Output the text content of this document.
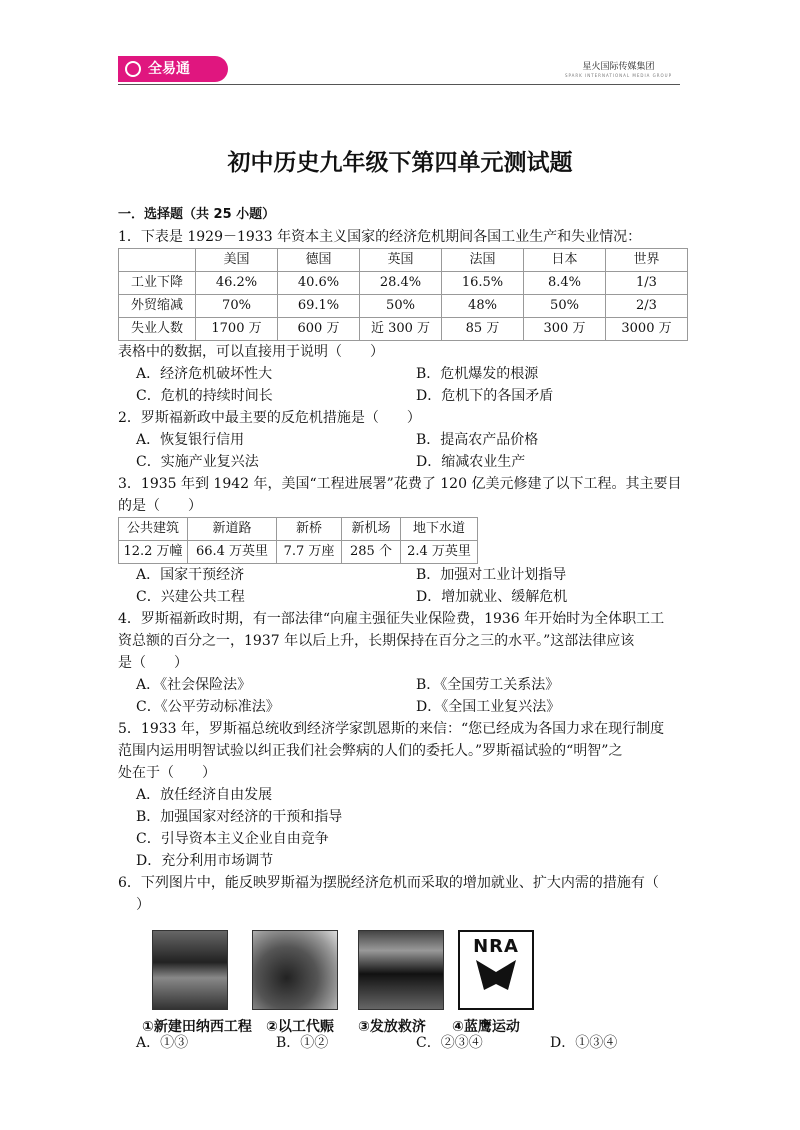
全易通	星火国际传媒集团
SPARK INTERNATIONAL MEDIA GROUP
初中历史九年级下第四单元测试题
一．选择题（共 25 小题）
1．下表是 1929－1933 年资本主义国家的经济危机期间各国工业生产和失业情况：
	美国	德国	英国	法国	日本	世界
工业下降	46.2%	40.6%	28.4%	16.5%	8.4%	1/3
外贸缩减	70%	69.1%	50%	48%	50%	2/3
失业人数	1700 万	600 万	近 300 万	85 万	300 万	3000 万
表格中的数据，可以直接用于说明（　　）
A．经济危机破坏性大	B．危机爆发的根源
C．危机的持续时间长	D．危机下的各国矛盾
2．罗斯福新政中最主要的反危机措施是（　　）
A．恢复银行信用	B．提高农产品价格
C．实施产业复兴法	D．缩减农业生产
3．1935 年到 1942 年，美国“工程进展署”花费了 120 亿美元修建了以下工程。其主要目
的是（　　）
公共建筑	新道路	新桥	新机场	地下水道
12.2 万幢	66.4 万英里	7.7 万座	285 个	2.4 万英里
A．国家干预经济	B．加强对工业计划指导
C．兴建公共工程	D．增加就业、缓解危机
4．罗斯福新政时期，有一部法律“向雇主强征失业保险费，1936 年开始时为全体职工工
资总额的百分之一，1937 年以后上升，长期保持在百分之三的水平。”这部法律应该
是（　　）
A．《社会保险法》	B．《全国劳工关系法》
C．《公平劳动标准法》	D．《全国工业复兴法》
5．1933 年，罗斯福总统收到经济学家凯恩斯的来信：“您已经成为各国力求在现行制度
范围内运用明智试验以纠正我们社会弊病的人们的委托人。”罗斯福试验的“明智”之
处在于（　　）
A．放任经济自由发展
B．加强国家对经济的干预和指导
C．引导资本主义企业自由竞争
D．充分利用市场调节
6．下列图片中，能反映罗斯福为摆脱经济危机而采取的增加就业、扩大内需的措施有（
）
NRA
①新建田纳西工程 ②以工代赈 ③发放救济 ④蓝鹰运动
A．①③	B．①②	C．②③④	D．①③④
